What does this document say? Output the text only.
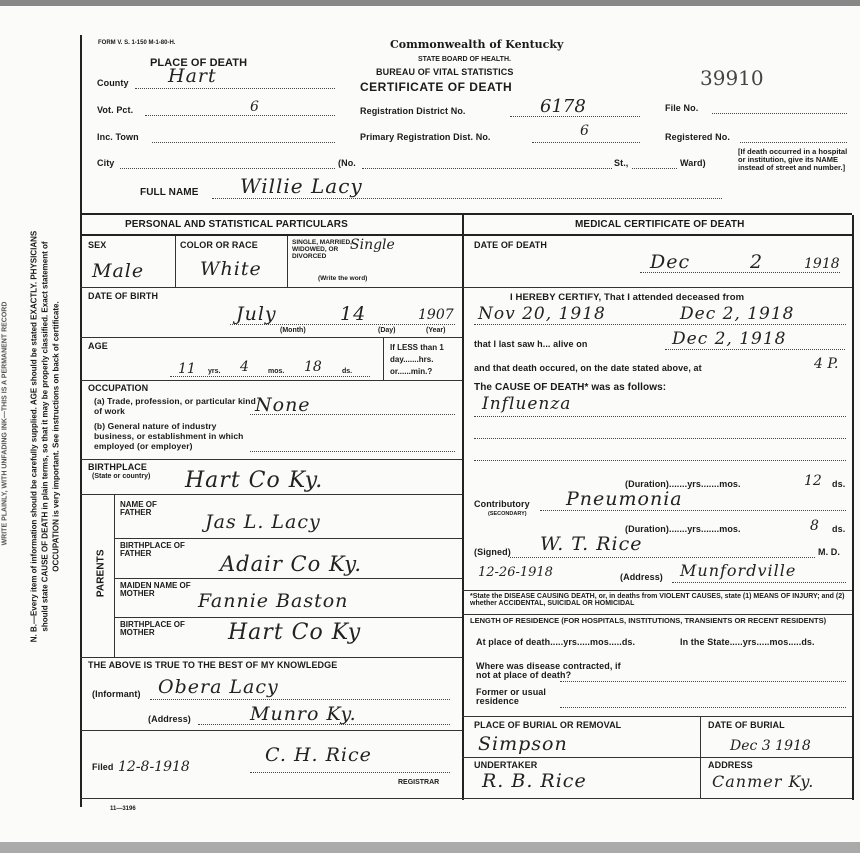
WRITE PLAINLY, WITH UNFADING INK—THIS IS A PERMANENT RECORD	N. B.—Every item of information should be carefully supplied. AGE should be stated EXACTLY. PHYSICIANS should state CAUSE OF DEATH in plain terms, so that it may be properly classified. Exact statement of OCCUPATION is very important. See instructions on back of certificate.
FORM V. S. 1-150 M-1-80-H.	Commonwealth of Kentucky
STATE BOARD OF HEALTH.
BUREAU OF VITAL STATISTICS
CERTIFICATE OF DEATH	39910
PLACE OF DEATH
County Hart
Vot. Pct.	6
Inc. Town
City	(No.	St.,	Ward)
Registration District No.	6178
Primary Registration Dist. No.	6
File No.
Registered No.
[If death occurred in a hospital or institution, give its NAME instead of street and number.]
FULL NAME Willie Lacy
PERSONAL AND STATISTICAL PARTICULARS	MEDICAL CERTIFICATE OF DEATH
SEX
Male
COLOR OR RACE
White
SINGLE, MARRIED, WIDOWED, OR DIVORCED
(Write the word)
Single
DATE OF BIRTH
July	14	1907
(Month)	(Day)	(Year)
AGE
11 yrs. 4	mos. 18	ds.
If LESS than 1 day.......hrs. or......min.?
OCCUPATION
(a) Trade, profession, or particular kind of work	None
(b) General nature of industry business, or establishment in which employed (or employer)
BIRTHPLACE
(State or country) Hart Co Ky.
PARENTS
NAME OF FATHER	Jas L. Lacy
BIRTHPLACE OF FATHER	Adair Co Ky.
MAIDEN NAME OF MOTHER	Fannie Baston
BIRTHPLACE OF MOTHER	Hart Co Ky
THE ABOVE IS TRUE TO THE BEST OF MY KNOWLEDGE
(Informant) Obera Lacy
(Address)	Munro Ky.
Filed 12-8-1918
C. H. Rice
REGISTRAR
11—3196
DATE OF DEATH
Dec	2	1918
I HEREBY CERTIFY, That I attended deceased from
Nov 20, 1918	Dec 2, 1918
that I last saw h... alive on	Dec 2, 1918
and that death occured, on the date stated above, at	4 P.
The CAUSE OF DEATH* was as follows:
Influenza
(Duration).......yrs.......mos.	12 ds.
Contributory
(SECONDARY)
Pneumonia
(Duration).......yrs.......mos.	8 ds.
(Signed) W. T. Rice	M. D.
12-26-1918	(Address) Munfordville
*State the DISEASE CAUSING DEATH, or, in deaths from VIOLENT CAUSES, state (1) MEANS OF INJURY; and (2) whether ACCIDENTAL, SUICIDAL OR HOMICIDAL
LENGTH OF RESIDENCE (FOR HOSPITALS, INSTITUTIONS, TRANSIENTS OR RECENT RESIDENTS)
At place of death.....yrs.....mos.....ds.	In the State.....yrs.....mos.....ds.
Where was disease contracted, if not at place of death?
Former or usual residence
PLACE OF BURIAL OR REMOVAL
Simpson
DATE OF BURIAL
Dec 3 1918
UNDERTAKER
R. B. Rice
ADDRESS
Canmer Ky.
